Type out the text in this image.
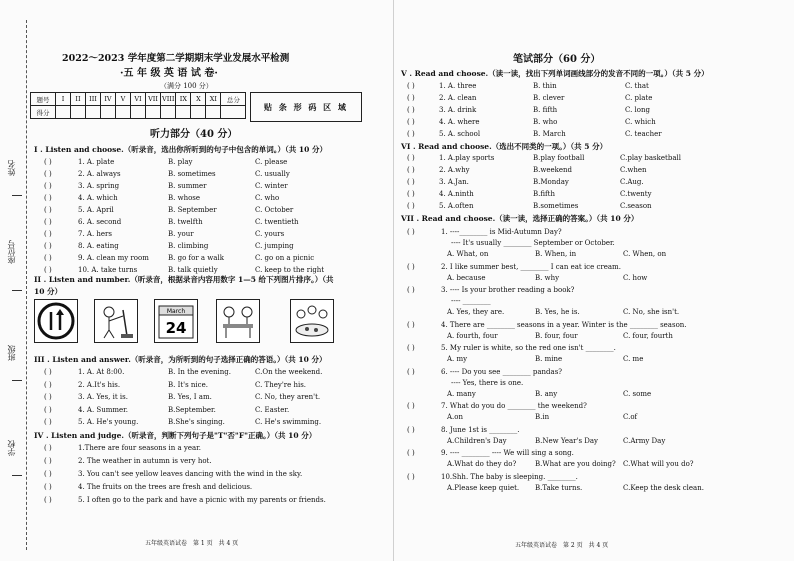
姓名
座位号
班级
学校
2022～2023 学年度第二学期期末学业发展水平检测
·五 年 级 英 语 试 卷·
（满分 100 分）
题号	I	II	III	IV	V	VI	VII	VIII	IX	X	XI	总分
得分												
贴 条 形 码 区 域
听力部分（40 分）
I . Listen and choose.（听录音，选出你所听到的句子中包含的单词。）（共 10 分）
( )	1. A. plate	B. play	C. please
( )	2. A. always	B. sometimes	C. usually
( )	3. A. spring	B. summer	C. winter
( )	4. A. which	B. whose	C. who
( )	5. A. April	B. September	C. October
( )	6. A. second	B. twelfth	C. twentieth
( )	7. A. hers	B. your	C. yours
( )	8. A. eating	B. climbing	C. jumping
( )	9. A. clean my room	B. go for a walk	C. go on a picnic
( )	10. A. take turns	B. talk quietly	C. keep to the right
II . Listen and number.（听录音，根据录音内容用数字 1—5 给下列图片排序。）（共
10 分）
March
24
III . Listen and answer.（听录音，为所听到的句子选择正确的答语。）（共 10 分）
( )	1. A. At 8:00.	B. In the evening.	C.On the weekend.
( )	2. A.It's his.	B. It's nice.	C. They're his.
( )	3. A. Yes, it is.	B. Yes, I am.	C. No, they aren't.
( )	4. A. Summer.	B.September.	C. Easter.
( )	5. A. He's young.	B.She's singing.	C. He's swimming.
IV . Listen and judge.（听录音，判断下列句子是"T"否"F"正确。）（共 10 分）
( )	1.There are four seasons in a year.
( )	2. The weather in autumn is very hot.
( )	3. You can't see yellow leaves dancing with the wind in the sky.
( )	4. The fruits on the trees are fresh and delicious.
( )	5. I often go to the park and have a picnic with my parents or friends.
五年级英语试卷　第 1 页　共 4 页
笔试部分（60 分）
V . Read and choose.（读一读，找出下列单词画线部分的发音不同的一项。）（共 5 分）
( )	1. A. three	B. thin	C. that
( )	2. A. clean	B. clever	C. plate
( )	3. A. drink	B. fifth	C. long
( )	4. A. where	B. who	C. which
( )	5. A. school	B. March	C. teacher
VI . Read and choose.（选出不同类的一项。）（共 5 分）
( )	1. A.play sports	B.play football	C.play basketball
( )	2. A.why	B.weekend	C.when
( )	3. A.Jan.	B.Monday	C.Aug.
( )	4. A.ninth	B.fifth	C.twenty
( )	5. A.often	B.sometimes	C.season
VII . Read and choose.（读一读，选择正确的答案。）（共 10 分）
( )	1. ----________ is Mid-Autumn Day?
---- It's usually ________ September or October.
A. What, on	B. When, in	C. When, on
( )	2. I like summer best, ________ I can eat ice cream.
A. because	B. why	C. how
( )	3. ---- Is your brother reading a book?
---- ________
A. Yes, they are.	B. Yes, he is.	C. No, she isn't.
( )	4. There are ________ seasons in a year. Winter is the ________ season.
A. fourth, four	B. four, four	C. four, fourth
( )	5. My ruler is white, so the red one isn't ________.
A. my	B. mine	C. me
( )	6. ---- Do you see ________ pandas?
---- Yes, there is one.
A. many	B. any	C. some
( )	7. What do you do ________ the weekend?
A.on	B.in	C.of
( )	8. June 1st is ________.
A.Children's Day	B.New Year's Day	C.Army Day
( )	9. ---- ________ ---- We will sing a song.
A.What do they do?	B.What are you doing? C.What will you do?
( )	10.Shh. The baby is sleeping. ________.
A.Please keep quiet. B.Take turns.	C.Keep the desk clean.
五年级英语试卷　第 2 页　共 4 页
